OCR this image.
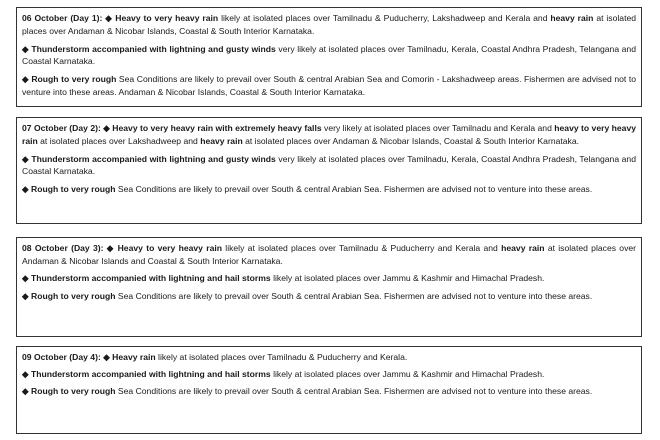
06 October (Day 1): ◆ Heavy to very heavy rain likely at isolated places over Tamilnadu & Puducherry, Lakshadweep and Kerala and heavy rain at isolated places over Andaman & Nicobar Islands, Coastal & South Interior Karnataka.

◆ Thunderstorm accompanied with lightning and gusty winds very likely at isolated places over Tamilnadu, Kerala, Coastal Andhra Pradesh, Telangana and Coastal Karnataka.

◆ Rough to very rough Sea Conditions are likely to prevail over South & central Arabian Sea and Comorin - Lakshadweep areas. Fishermen are advised not to venture into these areas. Andaman & Nicobar Islands, Coastal & South Interior Karnataka.

07 October (Day 2): ◆ Heavy to very heavy rain with extremely heavy falls very likely at isolated places over Tamilnadu and Kerala and heavy to very heavy rain at isolated places over Lakshadweep and heavy rain at isolated places over Andaman & Nicobar Islands, Coastal & South Interior Karnataka.

◆ Thunderstorm accompanied with lightning and gusty winds very likely at isolated places over Tamilnadu, Kerala, Coastal Andhra Pradesh, Telangana and Coastal Karnataka.

◆ Rough to very rough Sea Conditions are likely to prevail over South & central Arabian Sea. Fishermen are advised not to venture into these areas.

08 October (Day 3): ◆ Heavy to very heavy rain likely at isolated places over Tamilnadu & Puducherry and Kerala and heavy rain at isolated places over Andaman & Nicobar Islands and Coastal & South Interior Karnataka.

◆ Thunderstorm accompanied with lightning and hail storms likely at isolated places over Jammu & Kashmir and Himachal Pradesh.

◆ Rough to very rough Sea Conditions are likely to prevail over South & central Arabian Sea. Fishermen are advised not to venture into these areas.

09 October (Day 4): ◆ Heavy rain likely at isolated places over Tamilnadu & Puducherry and Kerala.

◆ Thunderstorm accompanied with lightning and hail storms likely at isolated places over Jammu & Kashmir and Himachal Pradesh.

◆ Rough to very rough Sea Conditions are likely to prevail over South & central Arabian Sea. Fishermen are advised not to venture into these areas.
